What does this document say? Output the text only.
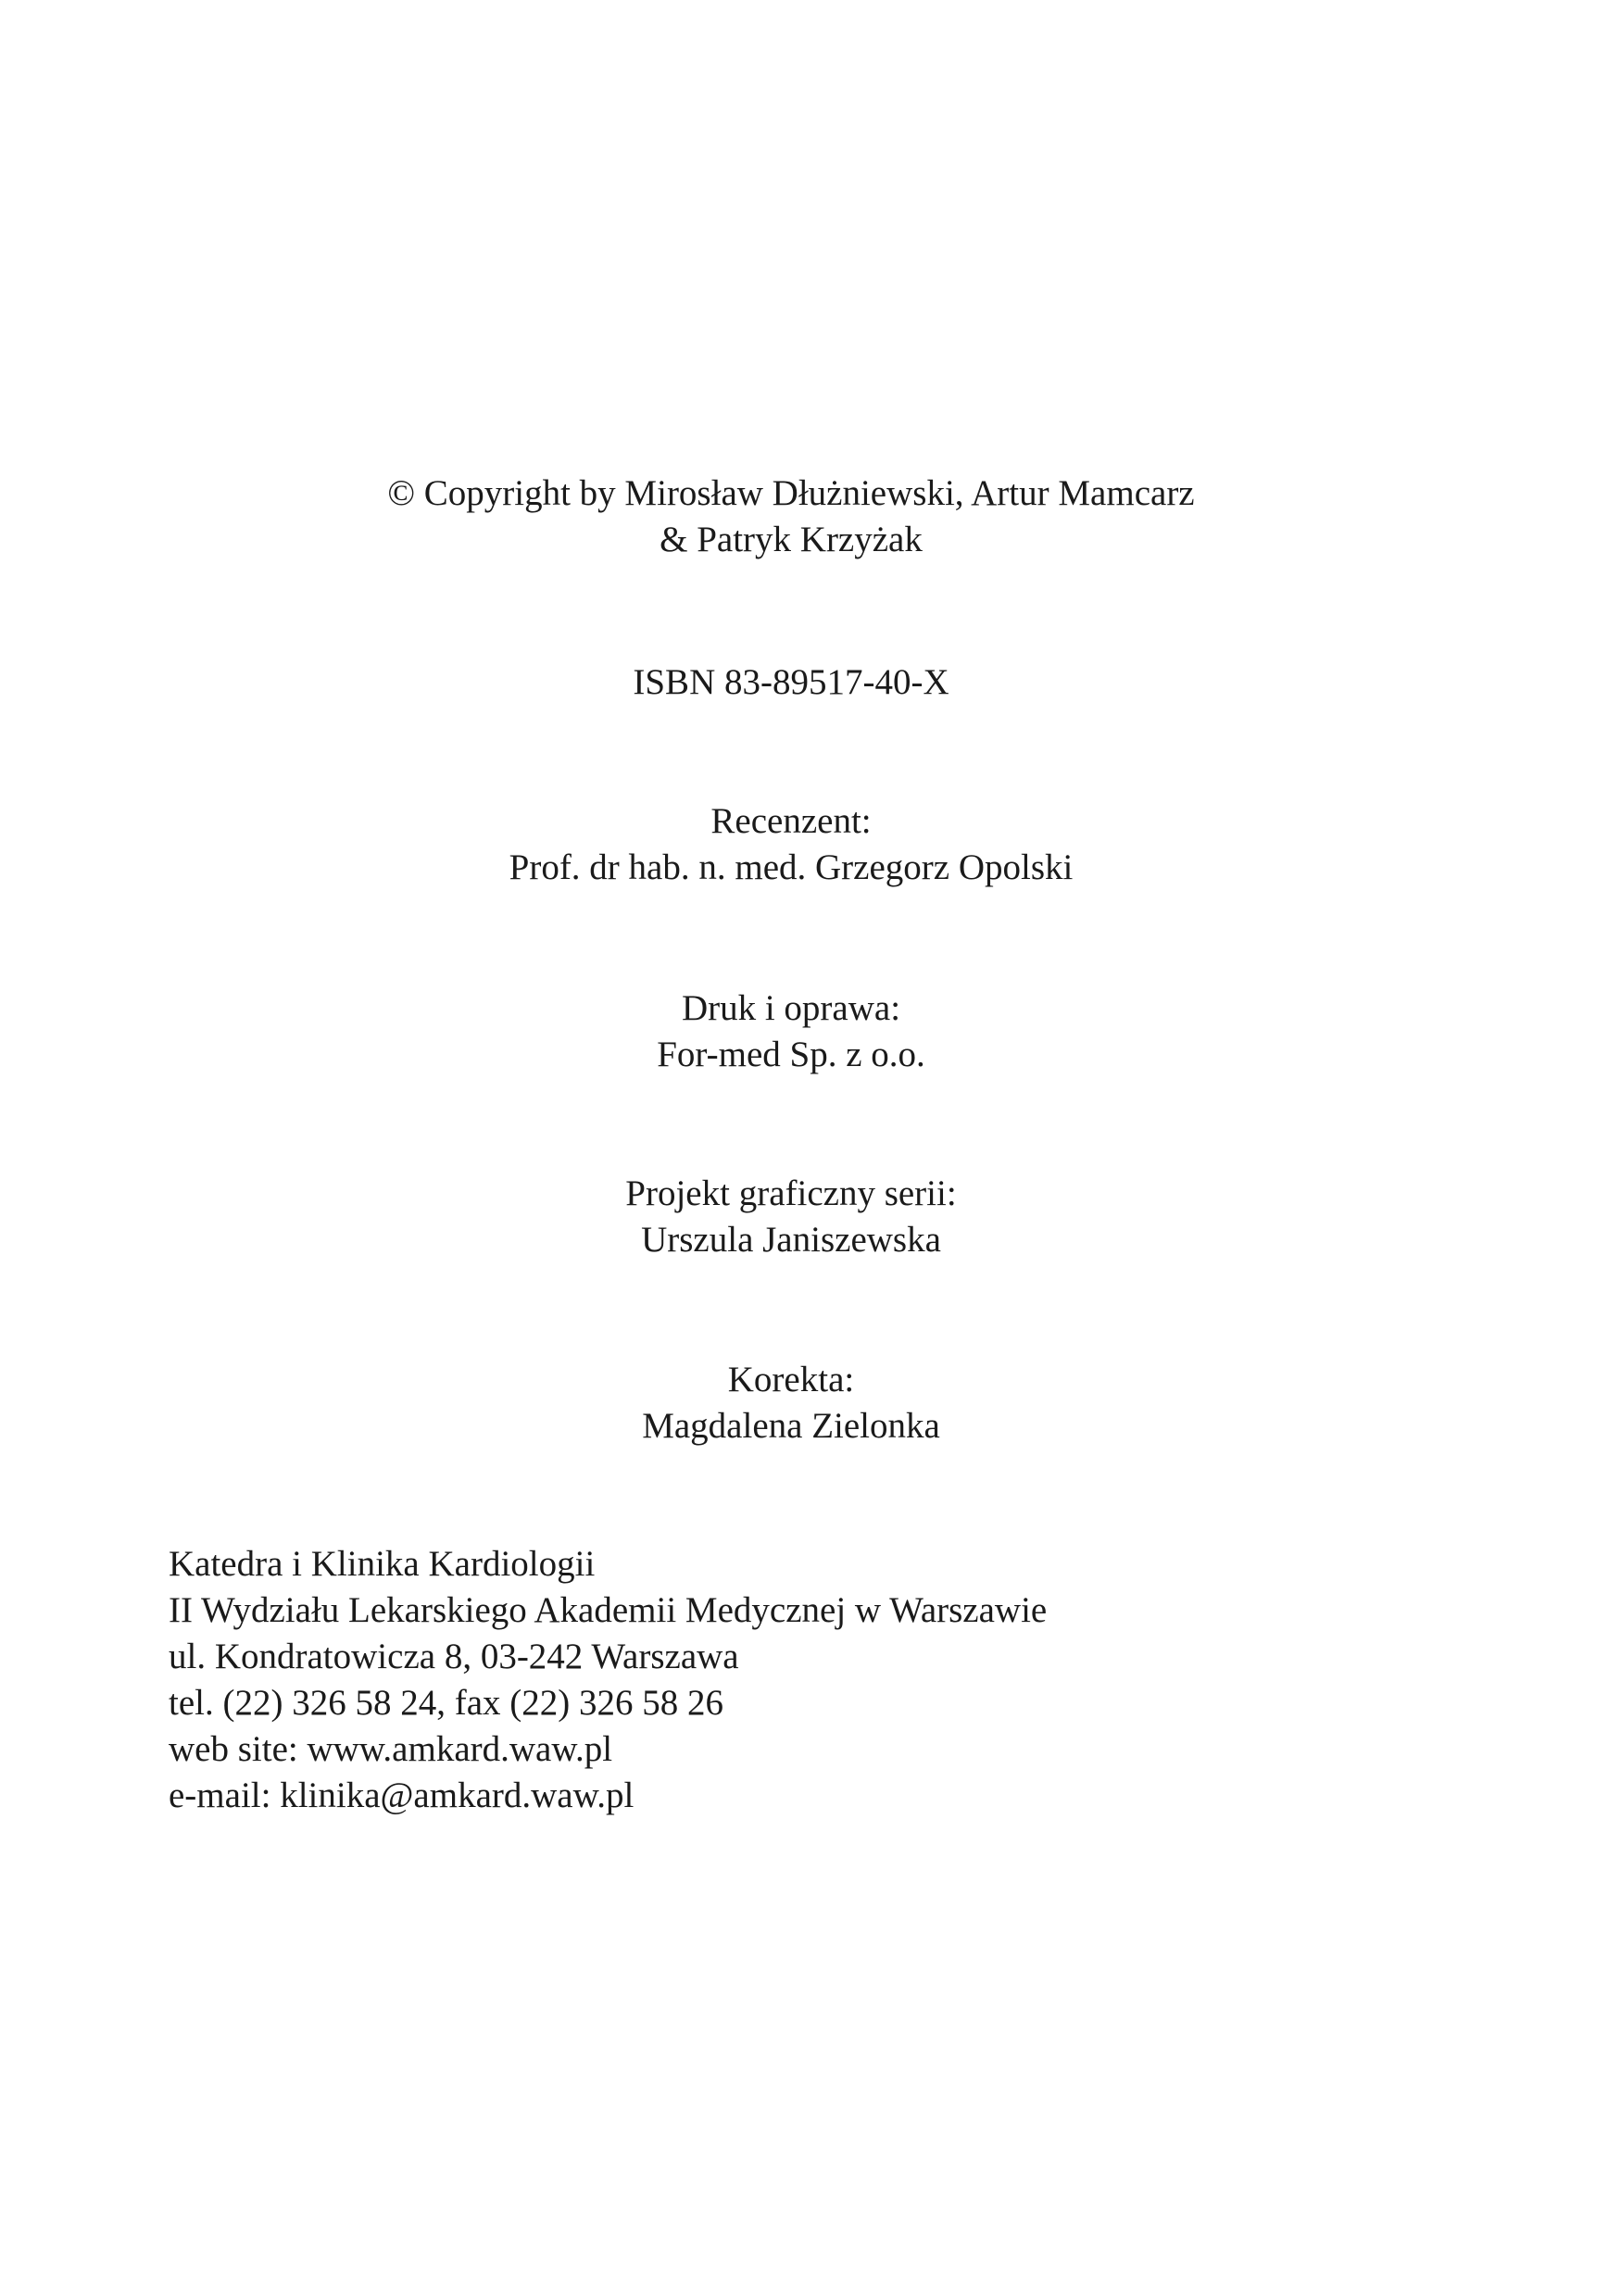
© Copyright by Mirosław Dłużniewski, Artur Mamcarz
& Patryk Krzyżak
ISBN 83-89517-40-X
Recenzent:
Prof. dr hab. n. med. Grzegorz Opolski
Druk i oprawa:
For-med Sp. z o.o.
Projekt graficzny serii:
Urszula Janiszewska
Korekta:
Magdalena Zielonka
Katedra i Klinika Kardiologii
II Wydziału Lekarskiego Akademii Medycznej w Warszawie
ul. Kondratowicza 8, 03-242 Warszawa
tel. (22) 326 58 24, fax (22) 326 58 26
web site: www.amkard.waw.pl
e-mail: klinika@amkard.waw.pl
